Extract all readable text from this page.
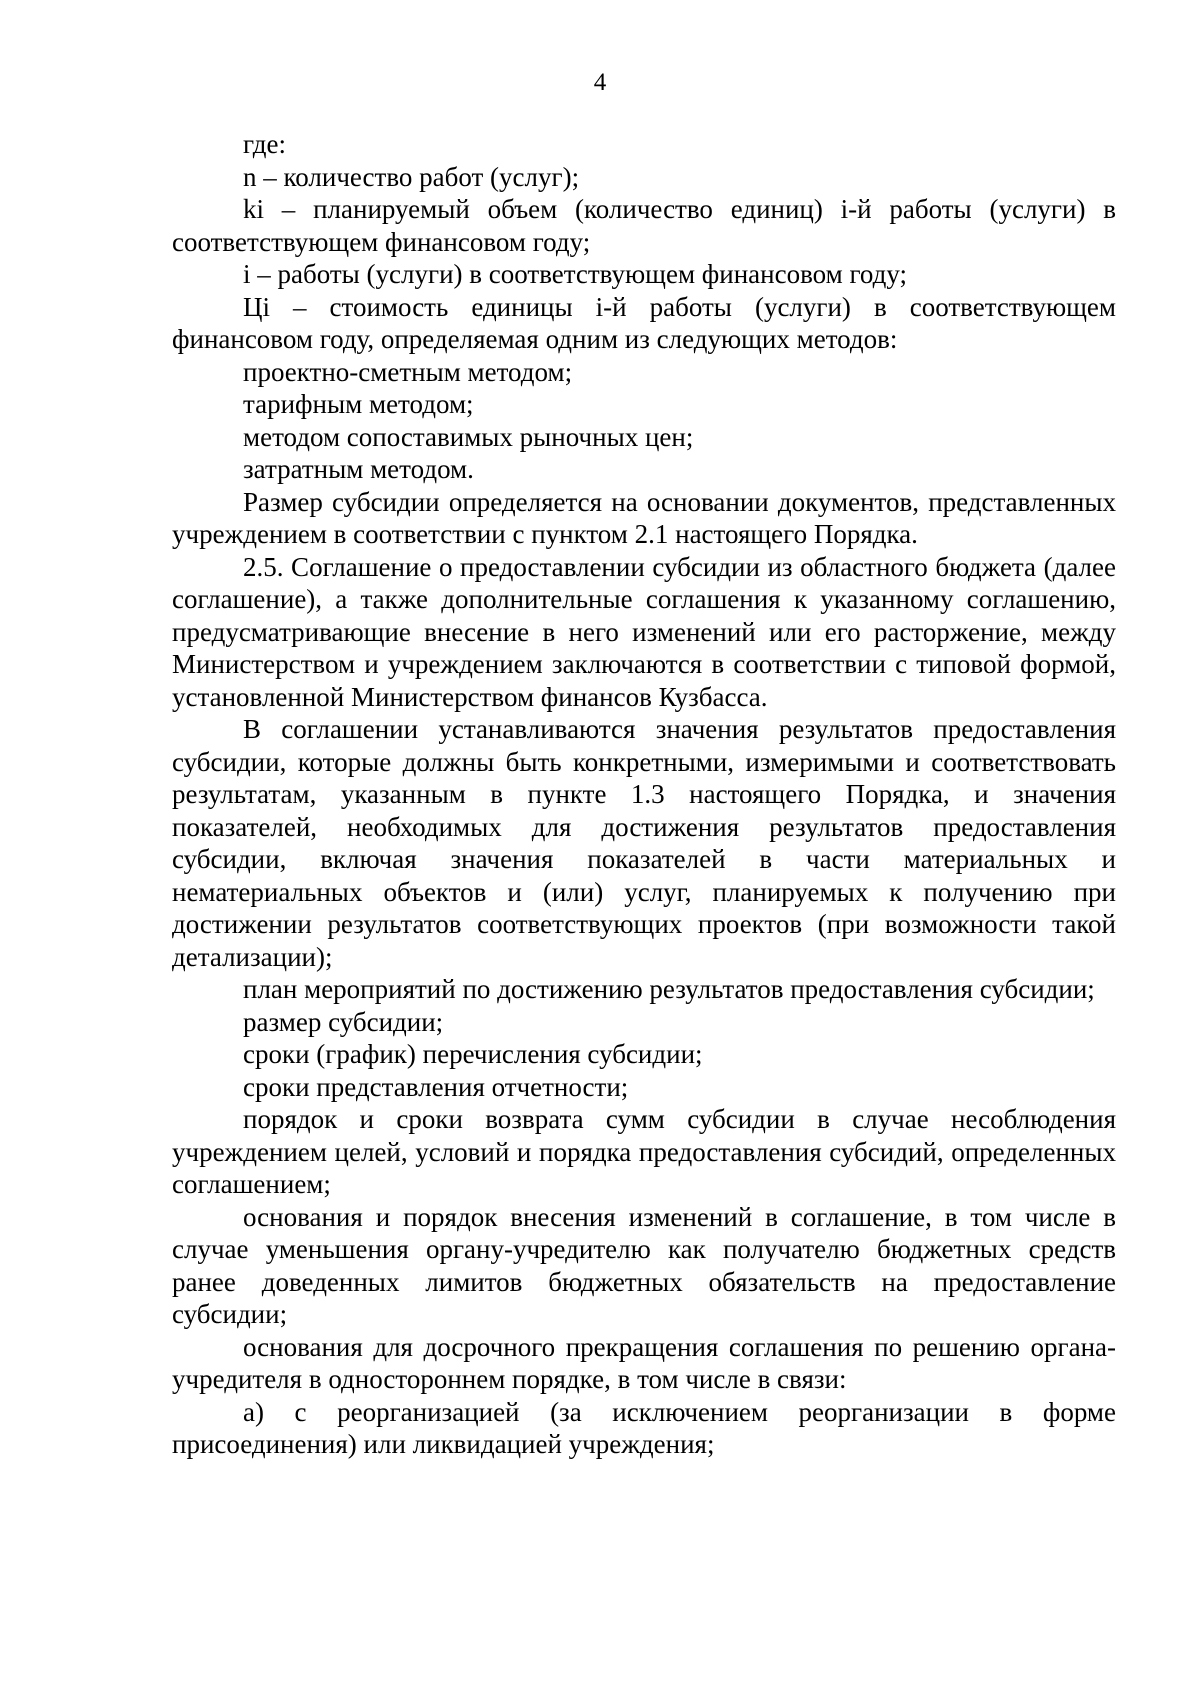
4

где:

n – количество работ (услуг);

ki – планируемый объем (количество единиц) i-й работы (услуги) в соответствующем финансовом году;

i – работы (услуги) в соответствующем финансовом году;

Цi – стоимость единицы i-й работы (услуги) в соответствующем финансовом году, определяемая одним из следующих методов:

проектно-сметным методом;

тарифным методом;

методом сопоставимых рыночных цен;

затратным методом.

Размер субсидии определяется на основании документов, представленных учреждением в соответствии с пунктом 2.1 настоящего Порядка.

2.5. Соглашение о предоставлении субсидии из областного бюджета (далее соглашение), а также дополнительные соглашения к указанному соглашению, предусматривающие внесение в него изменений или его расторжение, между Министерством и учреждением заключаются в соответствии с типовой формой, установленной Министерством финансов Кузбасса.

В соглашении устанавливаются значения результатов предоставления субсидии, которые должны быть конкретными, измеримыми и соответствовать результатам, указанным в пункте 1.3 настоящего Порядка, и значения показателей, необходимых для достижения результатов предоставления субсидии, включая значения показателей в части материальных и нематериальных объектов и (или) услуг, планируемых к получению при достижении результатов соответствующих проектов (при возможности такой детализации);

план мероприятий по достижению результатов предоставления субсидии;

размер субсидии;

сроки (график) перечисления субсидии;

сроки представления отчетности;

порядок и сроки возврата сумм субсидии в случае несоблюдения учреждением целей, условий и порядка предоставления субсидий, определенных соглашением;

основания и порядок внесения изменений в соглашение, в том числе в случае уменьшения органу-учредителю как получателю бюджетных средств ранее доведенных лимитов бюджетных обязательств на предоставление субсидии;

основания для досрочного прекращения соглашения по решению органа-учредителя в одностороннем порядке, в том числе в связи:

а) с реорганизацией (за исключением реорганизации в форме присоединения) или ликвидацией учреждения;
